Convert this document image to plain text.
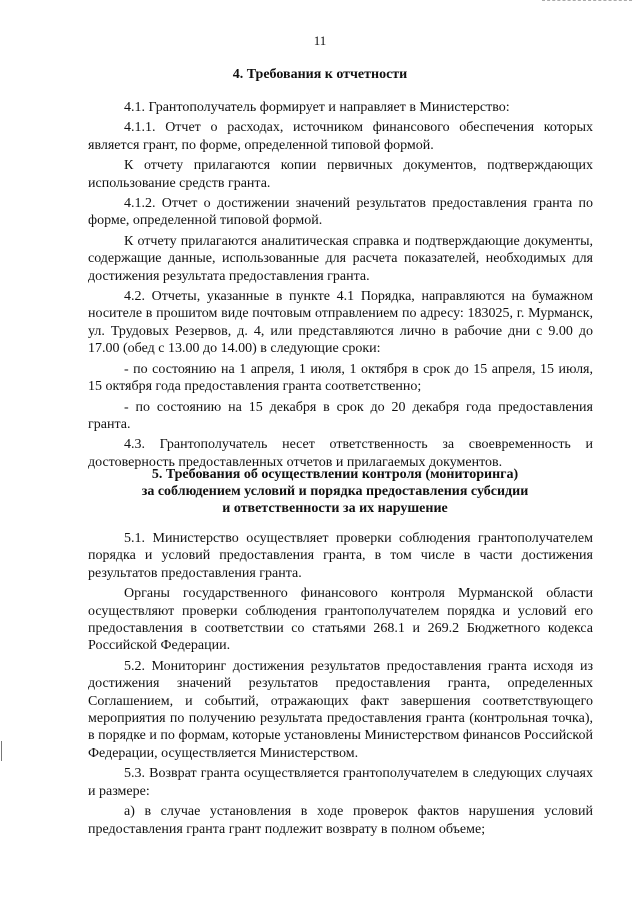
11
4. Требования к отчетности

4.1. Грантополучатель формирует и направляет в Министерство:

4.1.1. Отчет о расходах, источником финансового обеспечения которых является грант, по форме, определенной типовой формой.

К отчету прилагаются копии первичных документов, подтверждающих использование средств гранта.

4.1.2. Отчет о достижении значений результатов предоставления гранта по форме, определенной типовой формой.

К отчету прилагаются аналитическая справка и подтверждающие документы, содержащие данные, использованные для расчета показателей, необходимых для достижения результата предоставления гранта.

4.2. Отчеты, указанные в пункте 4.1 Порядка, направляются на бумажном носителе в прошитом виде почтовым отправлением по адресу: 183025, г. Мурманск, ул. Трудовых Резервов, д. 4, или представляются лично в рабочие дни с 9.00 до 17.00 (обед с 13.00 до 14.00) в следующие сроки:

- по состоянию на 1 апреля, 1 июля, 1 октября в срок до 15 апреля, 15 июля, 15 октября года предоставления гранта соответственно;

- по состоянию на 15 декабря в срок до 20 декабря года предоставления гранта.

4.3. Грантополучатель несет ответственность за своевременность и достоверность предоставленных отчетов и прилагаемых документов.

5. Требования об осуществлении контроля (мониторинга)
за соблюдением условий и порядка предоставления субсидии
и ответственности за их нарушение

5.1. Министерство осуществляет проверки соблюдения грантополучателем порядка и условий предоставления гранта, в том числе в части достижения результатов предоставления гранта.

Органы государственного финансового контроля Мурманской области осуществляют проверки соблюдения грантополучателем порядка и условий его предоставления в соответствии со статьями 268.1 и 269.2 Бюджетного кодекса Российской Федерации.

5.2. Мониторинг достижения результатов предоставления гранта исходя из достижения значений результатов предоставления гранта, определенных Соглашением, и событий, отражающих факт завершения соответствующего мероприятия по получению результата предоставления гранта (контрольная точка), в порядке и по формам, которые установлены Министерством финансов Российской Федерации, осуществляется Министерством.

5.3. Возврат гранта осуществляется грантополучателем в следующих случаях и размере:

а) в случае установления в ходе проверок фактов нарушения условий предоставления гранта грант подлежит возврату в полном объеме;
